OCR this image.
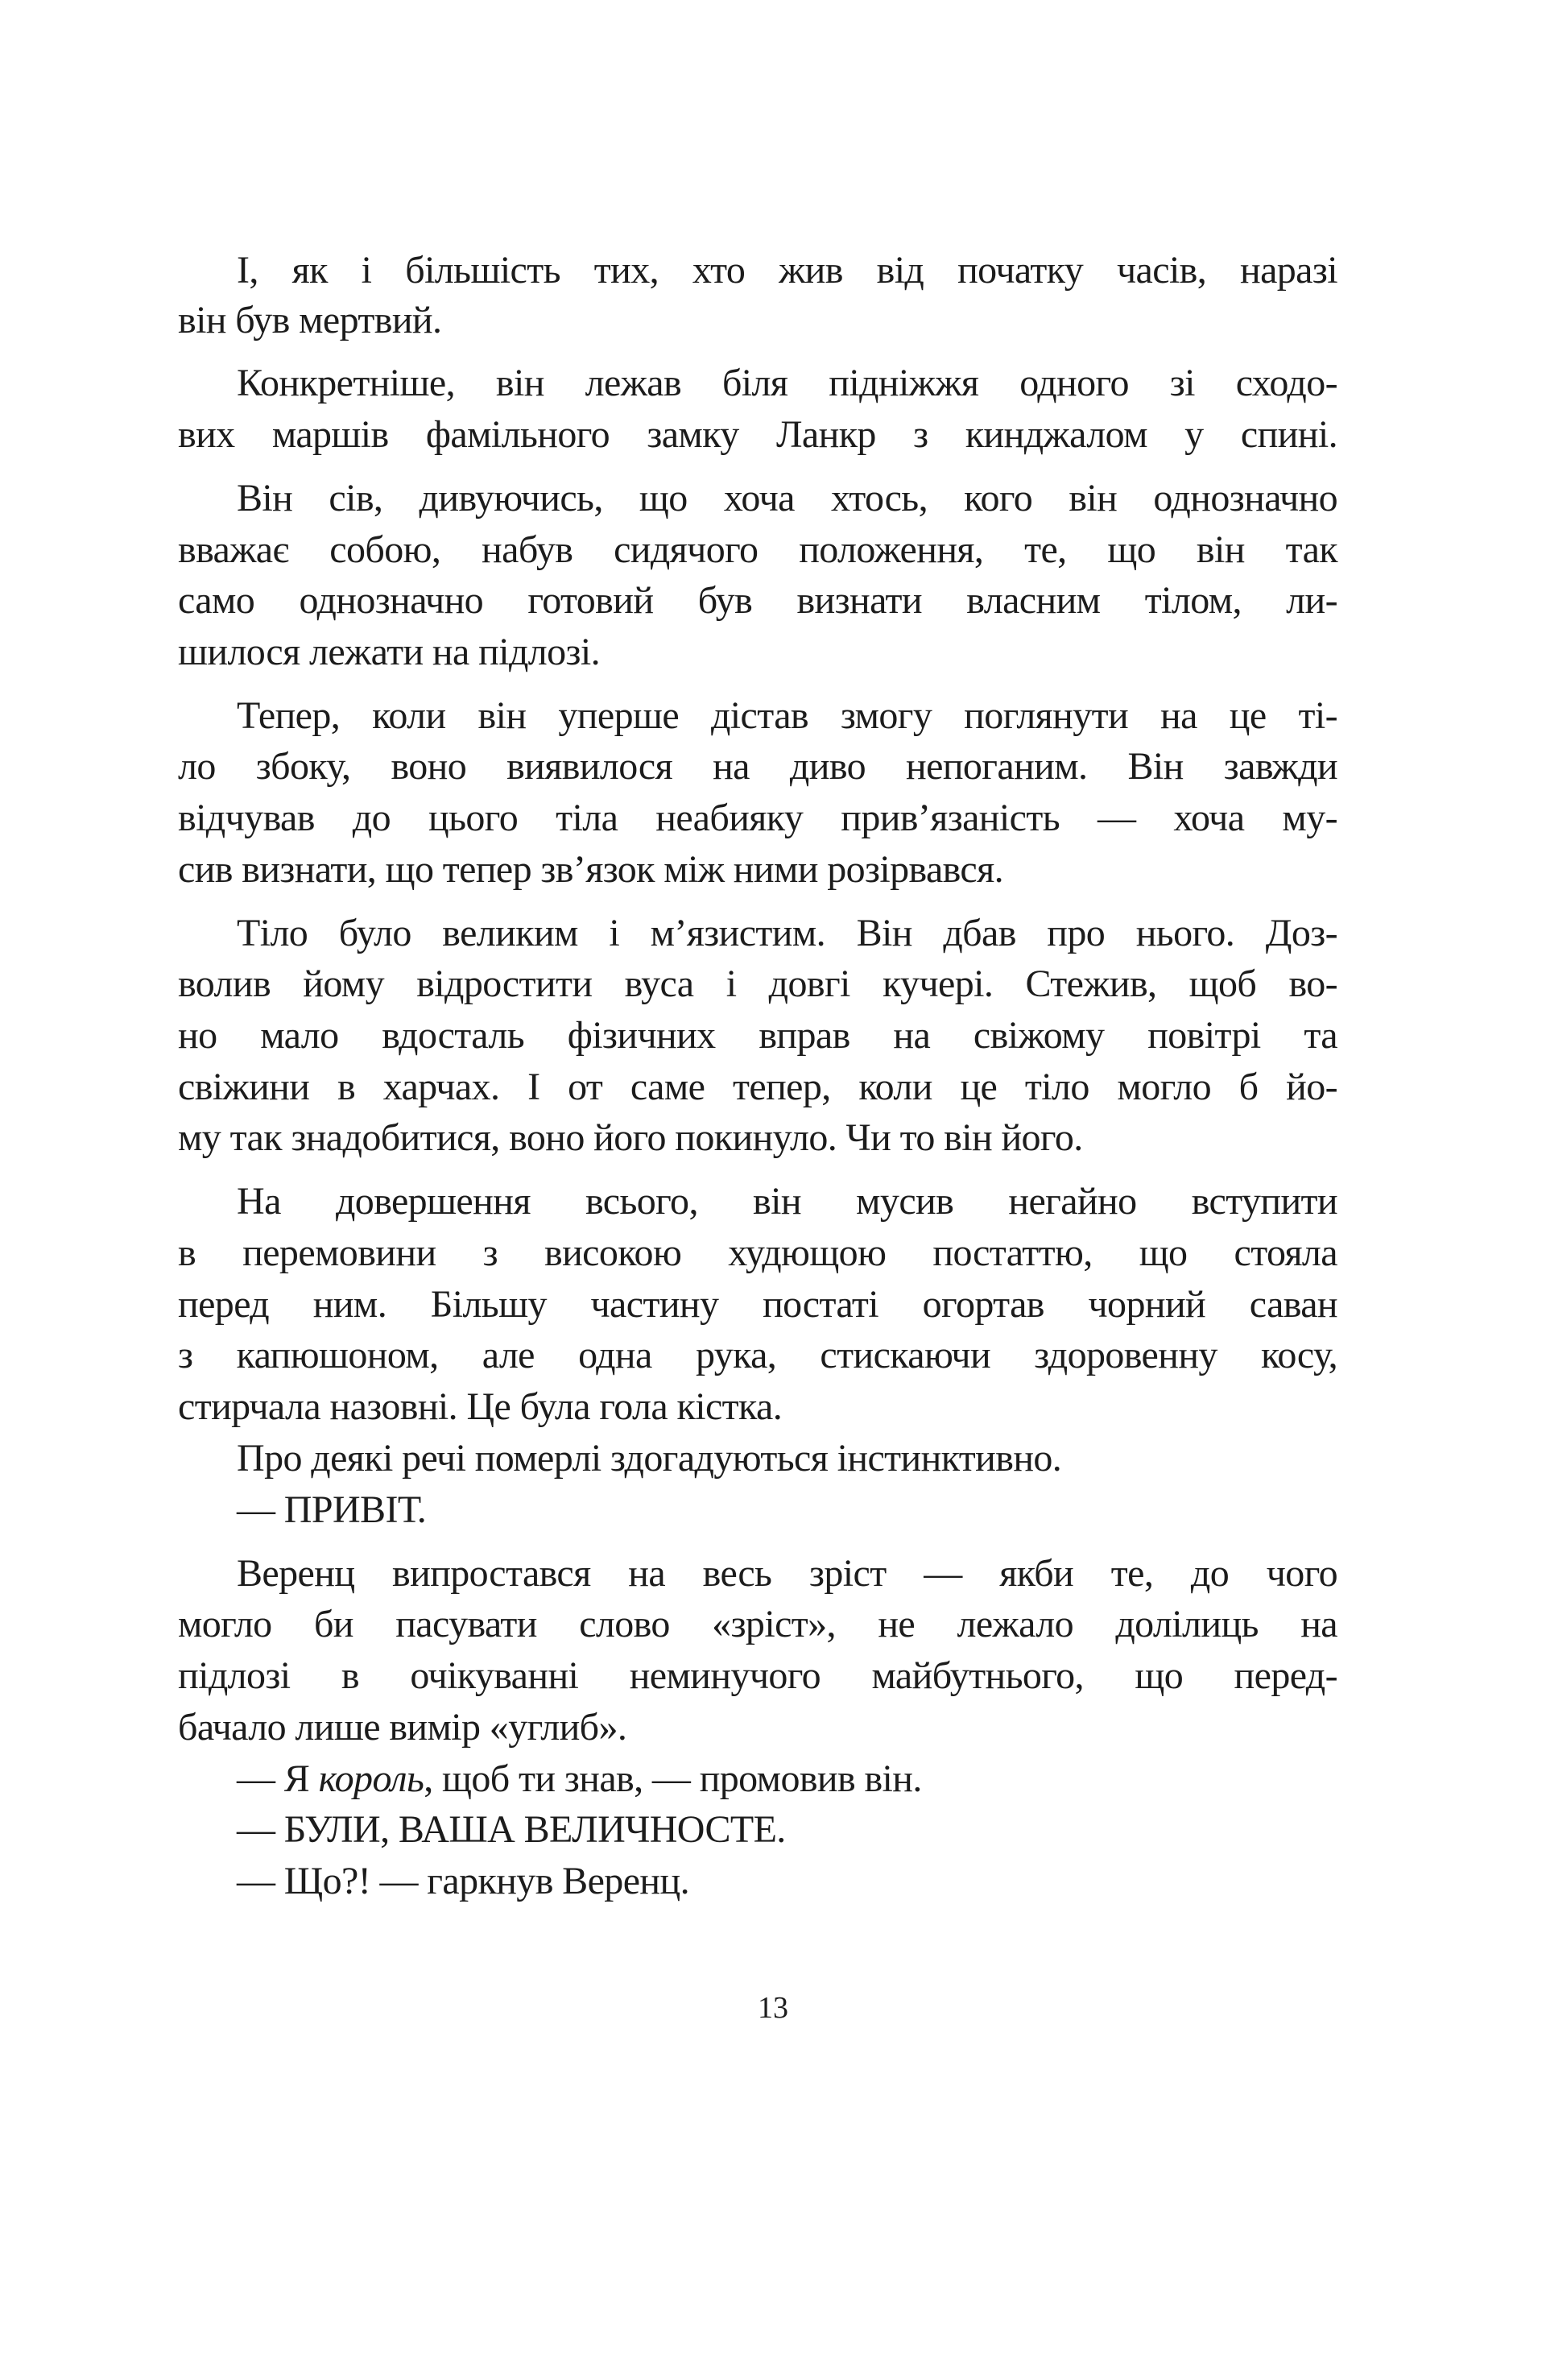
І, як і більшість тих, хто жив від початку часів, наразі
він був мертвий.
Конкретніше, він лежав біля підніжжя одного зі сходо-
вих маршів фамільного замку Ланкр з кинджалом у спині.
Він сів, дивуючись, що хоча хтось, кого він однозначно
вважає собою, набув сидячого положення, те, що він так
само однозначно готовий був визнати власним тілом, ли-
шилося лежати на підлозі.
Тепер, коли він уперше дістав змогу поглянути на це ті-
ло збоку, воно виявилося на диво непоганим. Він завжди
відчував до цього тіла неабияку прив’язаність — хоча му-
сив визнати, що тепер зв’язок між ними розірвався.
Тіло було великим і м’язистим. Він дбав про нього. Доз-
волив йому відростити вуса і довгі кучері. Стежив, щоб во-
но мало вдосталь фізичних вправ на свіжому повітрі та
свіжини в харчах. І от саме тепер, коли це тіло могло б йо-
му так знадобитися, воно його покинуло. Чи то він його.
На довершення всього, він мусив негайно вступити
в перемовини з високою худющою постаттю, що стояла
перед ним. Більшу частину постаті огортав чорний саван
з капюшоном, але одна рука, стискаючи здоровенну косу,
стирчала назовні. Це була гола кістка.
Про деякі речі померлі здогадуються інстинктивно.
— ПРИВІТ.
Веренц випростався на весь зріст — якби те, до чого
могло би пасувати слово «зріст», не лежало долілиць на
підлозі в очікуванні неминучого майбутнього, що перед-
бачало лише вимір «углиб».
— Я король, щоб ти знав, — промовив він.
— БУЛИ, ВАША ВЕЛИЧНОСТЕ.
— Що?! — гаркнув Веренц.
13
